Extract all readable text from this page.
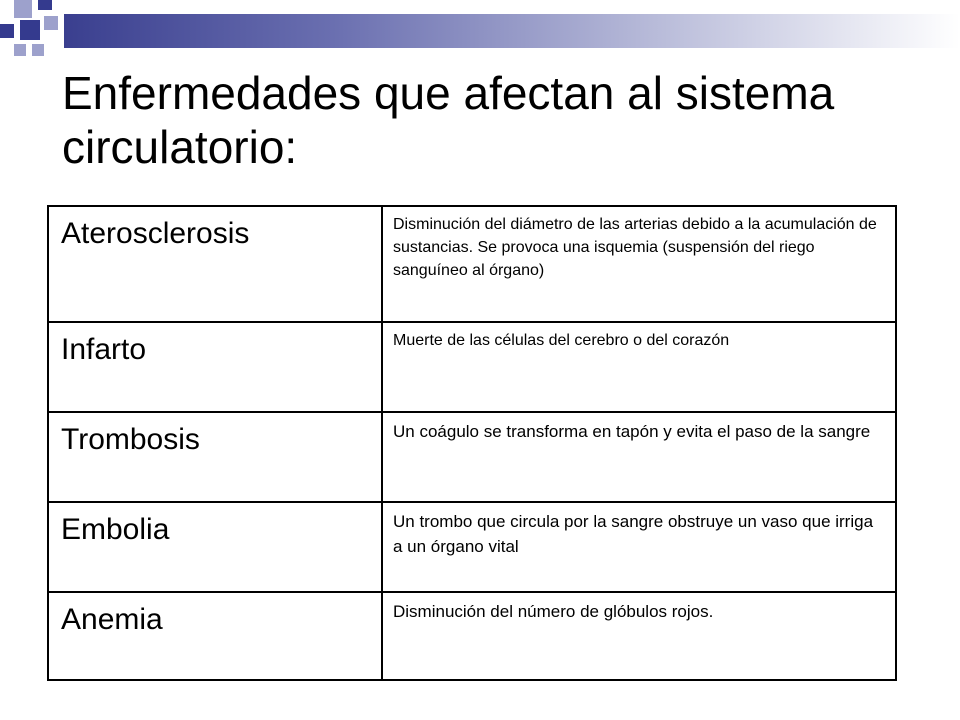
Enfermedades que afectan al sistema circulatorio:
Aterosclerosis	Disminución del diámetro de las arterias debido a la acumulación de sustancias. Se provoca una isquemia (suspensión del riego sanguíneo al órgano)
Infarto	Muerte de las células del cerebro o del corazón
Trombosis	Un coágulo se transforma en tapón y evita el paso de la sangre
Embolia	Un trombo que circula por la sangre obstruye un vaso que irriga a un órgano vital
Anemia	Disminución del número de glóbulos rojos.
